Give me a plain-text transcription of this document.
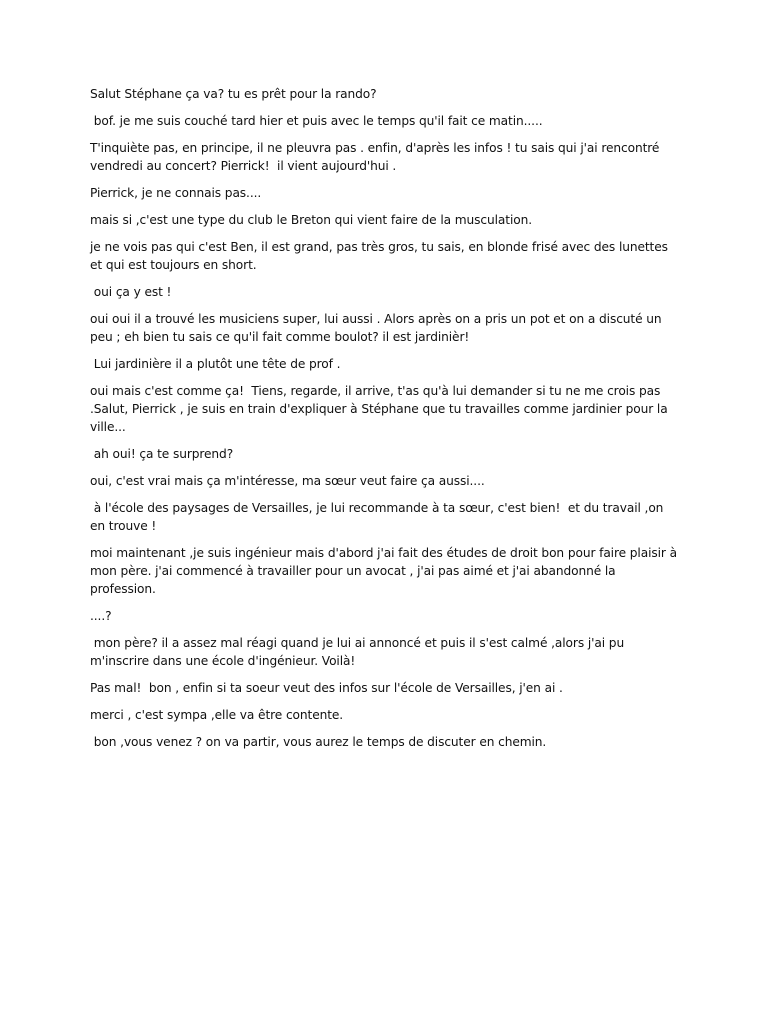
Salut Stéphane ça va? tu es prêt pour la rando?

bof. je me suis couché tard hier et puis avec le temps qu'il fait ce matin.....

T'inquiète pas, en principe, il ne pleuvra pas . enfin, d'après les infos ! tu sais qui j'ai rencontré vendredi au concert? Pierrick!  il vient aujourd'hui .

Pierrick, je ne connais pas....

mais si ,c'est une type du club le Breton qui vient faire de la musculation.

je ne vois pas qui c'est Ben, il est grand, pas très gros, tu sais, en blonde frisé avec des lunettes et qui est toujours en short.

oui ça y est !

oui oui il a trouvé les musiciens super, lui aussi . Alors après on a pris un pot et on a discuté un peu ; eh bien tu sais ce qu'il fait comme boulot? il est jardinièr!

Lui jardinière il a plutôt une tête de prof .

oui mais c'est comme ça!  Tiens, regarde, il arrive, t'as qu'à lui demander si tu ne me crois pas .Salut, Pierrick , je suis en train d'expliquer à Stéphane que tu travailles comme jardinier pour la ville...

ah oui! ça te surprend?

oui, c'est vrai mais ça m'intéresse, ma sœur veut faire ça aussi....

à l'école des paysages de Versailles, je lui recommande à ta sœur, c'est bien!  et du travail ,on en trouve !

moi maintenant ,je suis ingénieur mais d'abord j'ai fait des études de droit bon pour faire plaisir à mon père. j'ai commencé à travailler pour un avocat , j'ai pas aimé et j'ai abandonné la profession.

....?

mon père? il a assez mal réagi quand je lui ai annoncé et puis il s'est calmé ,alors j'ai pu m'inscrire dans une école d'ingénieur. Voilà!

Pas mal!  bon , enfin si ta soeur veut des infos sur l'école de Versailles, j'en ai .

merci , c'est sympa ,elle va être contente.

bon ,vous venez ? on va partir, vous aurez le temps de discuter en chemin.
